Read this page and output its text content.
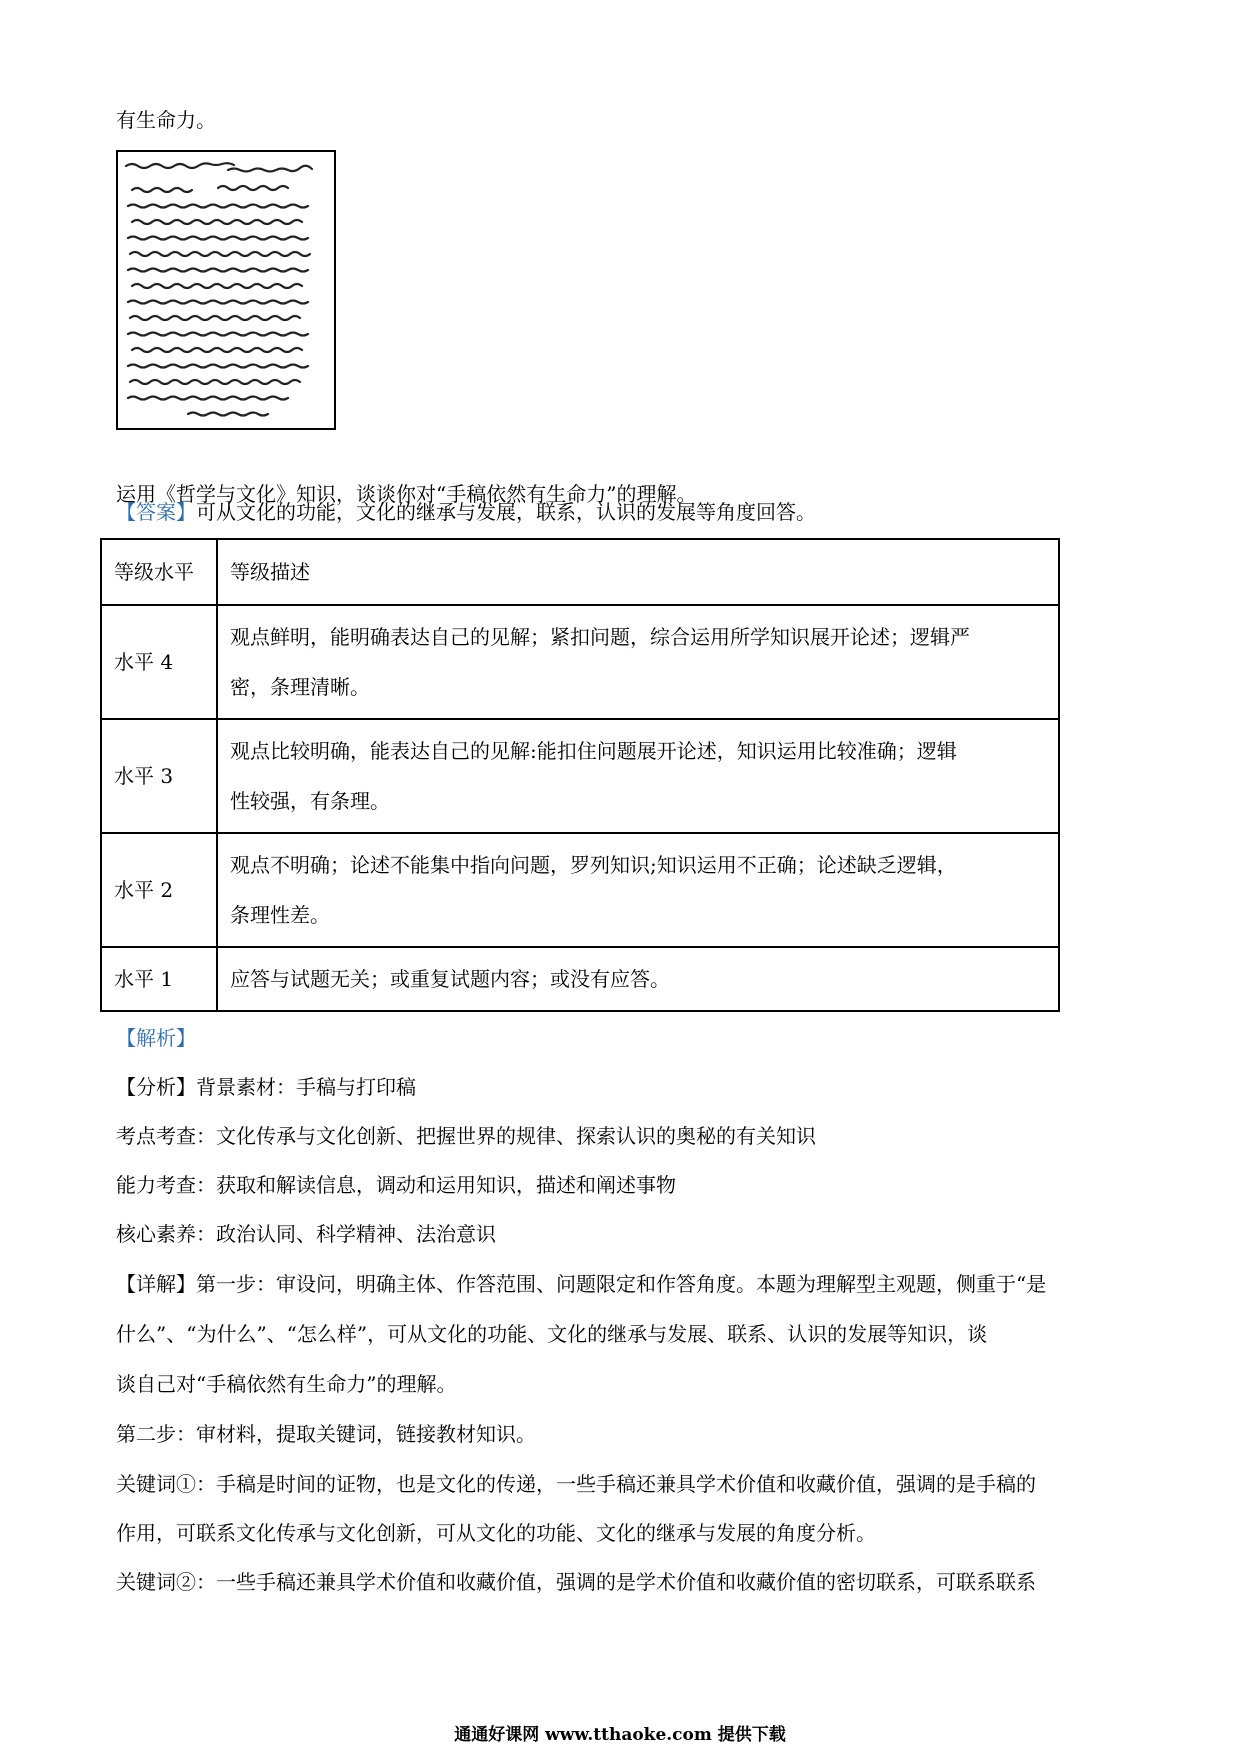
有生命力。
运用《哲学与文化》知识，谈谈你对“手稿依然有生命力”的理解。
【答案】可从文化的功能，文化的继承与发展，联系，认识的发展等角度回答。
等级水平	等级描述
水平 4	观点鲜明，能明确表达自己的见解；紧扣问题，综合运用所学知识展开论述；逻辑严
密，条理清晰。

水平 3	观点比较明确，能表达自己的见解:能扣住问题展开论述，知识运用比较准确；逻辑
性较强，有条理。

水平 2	观点不明确；论述不能集中指向问题，罗列知识;知识运用不正确；论述缺乏逻辑，
条理性差。

水平 1	应答与试题无关；或重复试题内容；或没有应答。
【解析】
【分析】背景素材：手稿与打印稿
考点考查：文化传承与文化创新、把握世界的规律、探索认识的奥秘的有关知识
能力考查：获取和解读信息，调动和运用知识，描述和阐述事物
核心素养：政治认同、科学精神、法治意识
【详解】第一步：审设问，明确主体、作答范围、问题限定和作答角度。本题为理解型主观题，侧重于“是
什么”、“为什么”、“怎么样”，可从文化的功能、文化的继承与发展、联系、认识的发展等知识，谈
谈自己对“手稿依然有生命力”的理解。
第二步：审材料，提取关键词，链接教材知识。
关键词①：手稿是时间的证物，也是文化的传递，一些手稿还兼具学术价值和收藏价值，强调的是手稿的
作用，可联系文化传承与文化创新，可从文化的功能、文化的继承与发展的角度分析。
关键词②：一些手稿还兼具学术价值和收藏价值，强调的是学术价值和收藏价值的密切联系，可联系联系
通通好课网 www.tthaoke.com 提供下载
